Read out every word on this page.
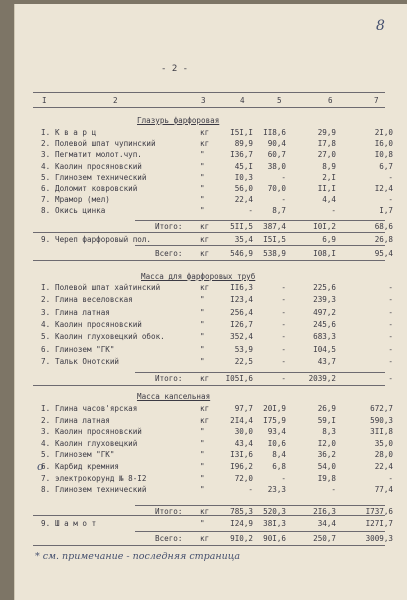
8
- 2 -
о
* см. примечание - последняя страница
I	2	3	4	5	6	7
Глазурь фарфоровая
I. К в а р ц	кг	I5I,I II8,6	29,9	2I,0
2. Полевой шпат чупинский	кг	89,9 90,4	I7,8	I6,0
3. Пегматит молот.чуп.	"	I36,7 60,7	27,0	I0,8
4. Каолин просяновский	"	45,I 38,0	8,9	6,7
5. Глинозем технический	"	I0,3	-	2,I	-
6. Доломит ковровский	"	56,0 70,0	II,I	I2,4
7. Мрамор (мел)	"	22,4	-	4,4	-
8. Окись цинка	"	-	8,7	-	I,7
Итого: кг	5II,5 387,4	I0I,2	68,6
9. Череп фарфоровый пол.	кг	35,4 I5I,5	6,9	26,8
Всего: кг	546,9 538,9	I08,I	95,4
Масса для фарфоровых труб
I. Полевой шпат хайтинский	кг	II6,3	-	225,6	-
2. Глина веселовская	"	I23,4	-	239,3	-
3. Глина латная	"	256,4	-	497,2	-
4. Каолин просяновский	"	I26,7	-	245,6	-
5. Каолин глуховецкий обок.	"	352,4	-	683,3	-
6. Глинозем "ГК"	"	53,9	-	I04,5	-
7. Тальк Онотский	"	22,5	-	43,7	-
Итого: кг I05I,6	-	2039,2	-
Масса капсельная
I. Глина часов'ярская	кг	97,7 20I,9	26,9	672,7
2. Глина латная	кг	2I4,4 I75,9	59,I	590,3
3. Каолин просяновский	"	30,0 93,4	8,3	3II,8
4. Каолин глуховецкий	"	43,4 I0,6	I2,0	35,0
5. Глинозем "ГК"	"	I3I,6	8,4	36,2	28,0
6. Карбид кремния	"	I96,2	6,8	54,0	22,4
7. электрокорунд № 8-I2	"	72,0	-	I9,8	-
8. Глинозем технический	"	- 23,3	-	77,4
Итого: кг	785,3 520,3	2I6,3	I737,6
9. Ш а м о т	"	I24,9 38I,3	34,4	I27I,7
Всего: кг	9I0,2 90I,6	250,7	3009,3
